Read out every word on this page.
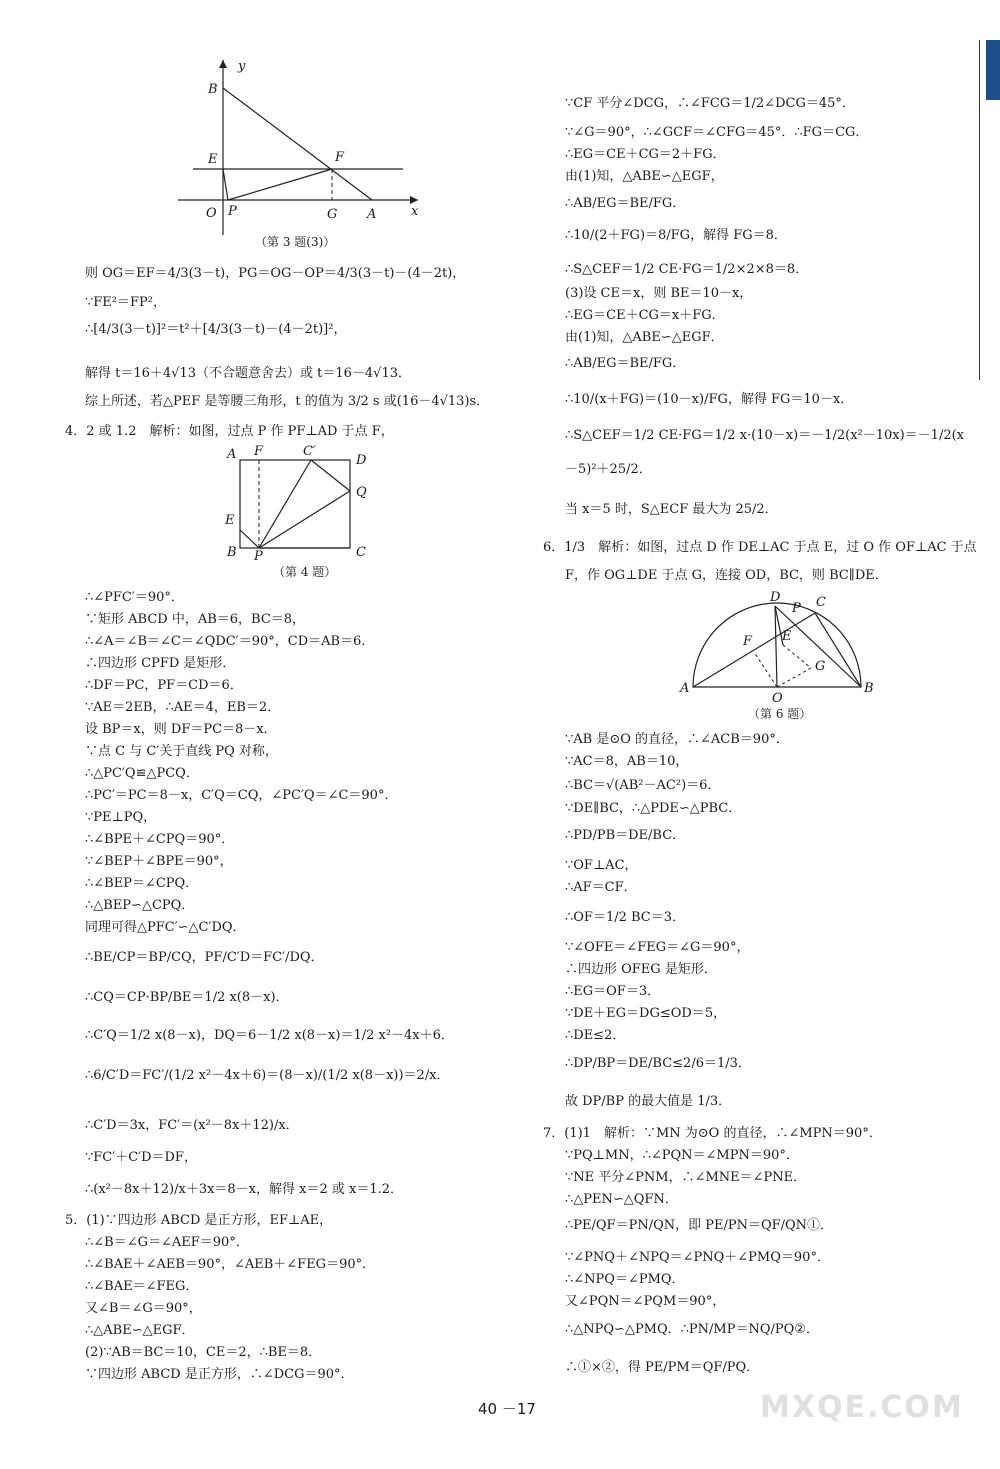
y
x
B
E	F
O P	G A
（第 3 题(3)）
则 OG＝EF＝4/3(3－t)，PG＝OG－OP＝4/3(3－t)－(4－2t)，
∵FE²＝FP²，
∴[4/3(3－t)]²＝t²＋[4/3(3－t)－(4－2t)]²，
解得 t＝16＋4√13（不合题意舍去）或 t＝16－4√13．
综上所述，若△PEF 是等腰三角形，t 的值为 3/2 s 或(16－4√13)s．
4．2 或 1.2　解析：如图，过点 P 作 PF⊥AD 于点 F，
A F	C′
D
Q
E
B P	C
（第 4 题）
∴∠PFC′＝90°．
∵矩形 ABCD 中，AB＝6，BC＝8，
∴∠A＝∠B＝∠C＝∠QDC′＝90°，CD＝AB＝6．
∴四边形 CPFD 是矩形．
∴DF＝PC，PF＝CD＝6．
∵AE＝2EB，∴AE＝4，EB＝2．
设 BP＝x，则 DF＝PC＝8－x．
∵点 C 与 C′关于直线 PQ 对称，
∴△PC′Q≌△PCQ．
∴PC′＝PC＝8－x，C′Q＝CQ，∠PC′Q＝∠C＝90°．
∵PE⊥PQ，
∴∠BPE＋∠CPQ＝90°．
∵∠BEP＋∠BPE＝90°，
∴∠BEP＝∠CPQ．
∴△BEP∽△CPQ．
同理可得△PFC′∽△C′DQ．
∴BE/CP＝BP/CQ，PF/C′D＝FC′/DQ．
∴CQ＝CP·BP/BE＝1/2 x(8－x)．
∴C′Q＝1/2 x(8－x)，DQ＝6－1/2 x(8－x)＝1/2 x²－4x＋6．
∴6/C′D＝FC′/(1/2 x²－4x＋6)＝(8－x)/(1/2 x(8－x))＝2/x．
∴C′D＝3x，FC′＝(x²－8x＋12)/x．
∵FC′＋C′D＝DF，
∴(x²－8x＋12)/x＋3x＝8－x，解得 x＝2 或 x＝1.2．
5．(1)∵四边形 ABCD 是正方形，EF⊥AE，
∴∠B＝∠G＝∠AEF＝90°．
∴∠BAE＋∠AEB＝90°，∠AEB＋∠FEG＝90°．
∴∠BAE＝∠FEG．
又∠B＝∠G＝90°，
∴△ABE∽△EGF．
(2)∵AB＝BC＝10，CE＝2，∴BE＝8．
∵四边形 ABCD 是正方形，∴∠DCG＝90°．
∵CF 平分∠DCG，∴∠FCG＝1/2∠DCG＝45°．
∵∠G＝90°，∴∠GCF＝∠CFG＝45°．∴FG＝CG．
∴EG＝CE＋CG＝2＋FG．
由(1)知，△ABE∽△EGF，
∴AB/EG＝BE/FG．
∴10/(2＋FG)＝8/FG，解得 FG＝8．
∴S△CEF＝1/2 CE·FG＝1/2×2×8＝8．
(3)设 CE＝x，则 BE＝10－x，
∴EG＝CE＋CG＝x＋FG．
由(1)知，△ABE∽△EGF．
∴AB/EG＝BE/FG．
∴10/(x＋FG)＝(10－x)/FG，解得 FG＝10－x．
∴S△CEF＝1/2 CE·FG＝1/2 x·(10－x)＝－1/2(x²－10x)＝－1/2(x
－5)²＋25/2．
当 x＝5 时，S△ECF 最大为 25/2．
6．1/3　解析：如图，过点 D 作 DE⊥AC 于点 E，过 O 作 OF⊥AC 于点
F，作 OG⊥DE 于点 G，连接 OD，BC，则 BC∥DE．
D
P C
F E
G
A
O
B
（第 6 题）
∵AB 是⊙O 的直径，∴∠ACB＝90°．
∵AC＝8，AB＝10，
∴BC＝√(AB²－AC²)＝6．
∵DE∥BC，∴△PDE∽△PBC．
∴PD/PB＝DE/BC．
∵OF⊥AC，
∴AF＝CF．
∴OF＝1/2 BC＝3．
∵∠OFE＝∠FEG＝∠G＝90°，
∴四边形 OFEG 是矩形．
∴EG＝OF＝3．
∵DE＋EG＝DG≤OD＝5，
∴DE≤2．
∴DP/BP＝DE/BC≤2/6＝1/3．
故 DP/BP 的最大值是 1/3．
7．(1)1　解析：∵MN 为⊙O 的直径，∴∠MPN＝90°．
∵PQ⊥MN，∴∠PQN＝∠MPN＝90°．
∵NE 平分∠PNM，∴∠MNE＝∠PNE．
∴△PEN∽△QFN．
∴PE/QF＝PN/QN，即 PE/PN＝QF/QN①．
∵∠PNQ＋∠NPQ＝∠PNQ＋∠PMQ＝90°．
∴∠NPQ＝∠PMQ．
又∠PQN＝∠PQM＝90°，
∴△NPQ∽△PMQ．∴PN/MP＝NQ/PQ②．
∴①×②，得 PE/PM＝QF/PQ．
40 －17	MXQE.COM
